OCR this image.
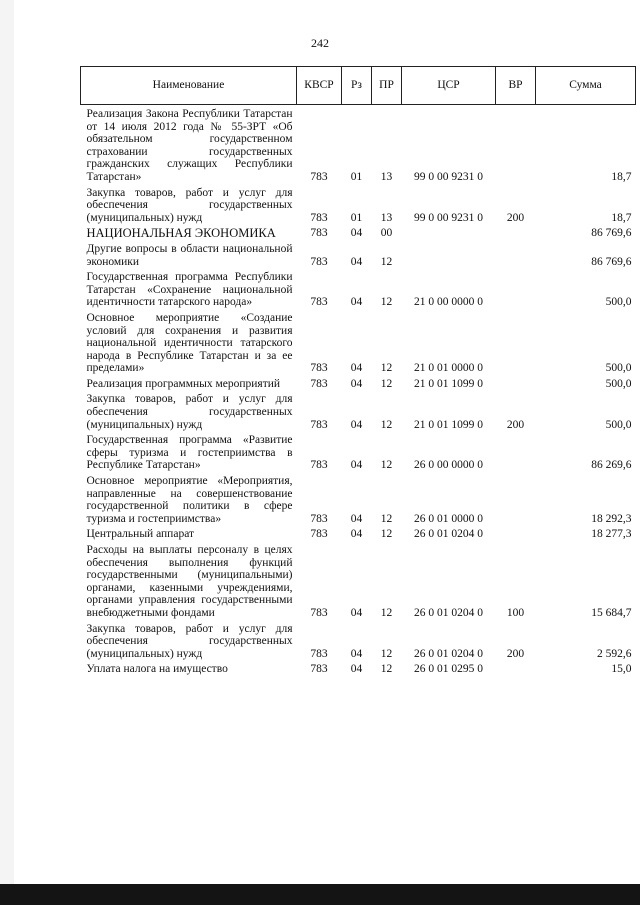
242
Наименование	КВСР	Рз	ПР	ЦСР	ВР	Сумма
Реализация Закона Республики Татарстан от 14 июля 2012 года № 55-ЗРТ «Об обязательном государственном страховании государственных гражданских служащих Республики Татарстан»	783	01	13	99 0 00 9231 0		18,7
Закупка товаров, работ и услуг для обеспечения государственных (муниципальных) нужд	783	01	13	99 0 00 9231 0	200	18,7
НАЦИОНАЛЬНАЯ ЭКОНОМИКА	783	04	00			86 769,6
Другие вопросы в области национальной экономики	783	04	12			86 769,6
Государственная программа Республики Татарстан «Сохранение национальной идентичности татарского народа»	783	04	12	21 0 00 0000 0		500,0
Основное мероприятие «Создание условий для сохранения и развития национальной идентичности татарского народа в Республике Татарстан и за ее пределами»	783	04	12	21 0 01 0000 0		500,0
Реализация программных мероприятий	783	04	12	21 0 01 1099 0		500,0
Закупка товаров, работ и услуг для обеспечения государственных (муниципальных) нужд	783	04	12	21 0 01 1099 0	200	500,0
Государственная программа «Развитие сферы туризма и гостеприимства в Республике Татарстан»	783	04	12	26 0 00 0000 0		86 269,6
Основное мероприятие «Мероприятия, направленные на совершенствование государственной политики в сфере туризма и гостеприимства»	783	04	12	26 0 01 0000 0		18 292,3
Центральный аппарат	783	04	12	26 0 01 0204 0		18 277,3
Расходы на выплаты персоналу в целях обеспечения выполнения функций государственными (муниципальными) органами, казенными учреждениями, органами управления государственными внебюджетными фондами	783	04	12	26 0 01 0204 0	100	15 684,7
Закупка товаров, работ и услуг для обеспечения государственных (муниципальных) нужд	783	04	12	26 0 01 0204 0	200	2 592,6
Уплата налога на имущество	783	04	12	26 0 01 0295 0		15,0
